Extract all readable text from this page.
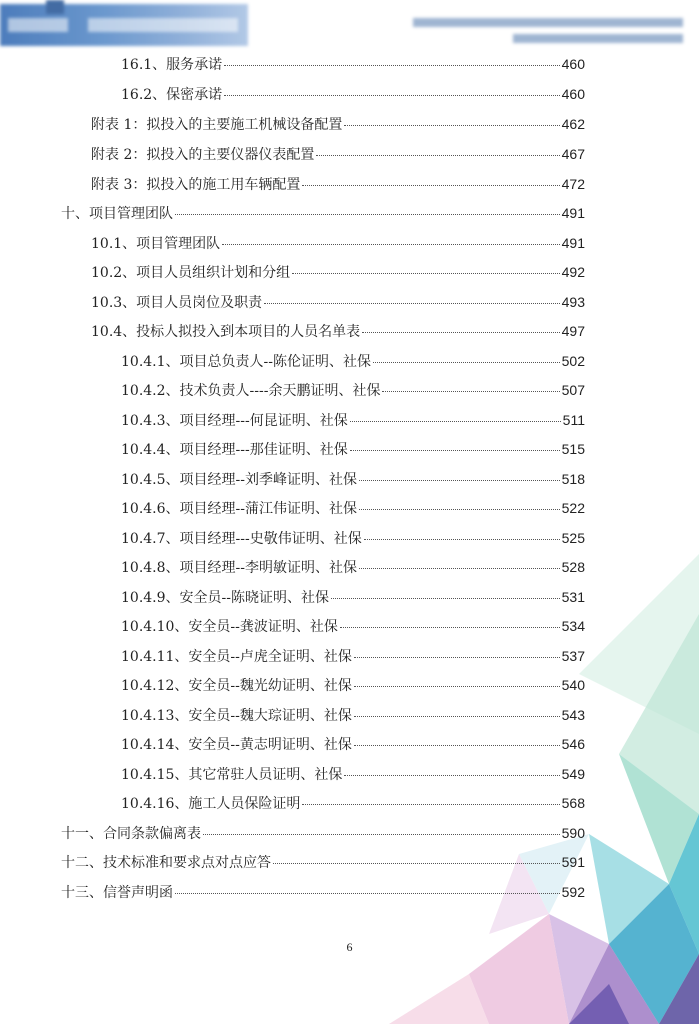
16.1、服务承诺	460
16.2、保密承诺	460
附表 1：拟投入的主要施工机械设备配置	462
附表 2：拟投入的主要仪器仪表配置	467
附表 3：拟投入的施工用车辆配置	472
十、项目管理团队	491
10.1、项目管理团队	491
10.2、项目人员组织计划和分组	492
10.3、项目人员岗位及职责	493
10.4、投标人拟投入到本项目的人员名单表	497
10.4.1、项目总负责人--陈伦证明、社保	502
10.4.2、技术负责人----余天鹏证明、社保	507
10.4.3、项目经理---何昆证明、社保	511
10.4.4、项目经理---那佳证明、社保	515
10.4.5、项目经理--刘季峰证明、社保	518
10.4.6、项目经理--蒲江伟证明、社保	522
10.4.7、项目经理---史敬伟证明、社保	525
10.4.8、项目经理--李明敏证明、社保	528
10.4.9、安全员--陈晓证明、社保	531
10.4.10、安全员--龚波证明、社保	534
10.4.11、安全员--卢虎全证明、社保	537
10.4.12、安全员--魏光幼证明、社保	540
10.4.13、安全员--魏大琮证明、社保	543
10.4.14、安全员--黄志明证明、社保	546
10.4.15、其它常驻人员证明、社保	549
10.4.16、施工人员保险证明	568
十一、合同条款偏离表	590
十二、技术标准和要求点对点应答	591
十三、信誉声明函	592
6
